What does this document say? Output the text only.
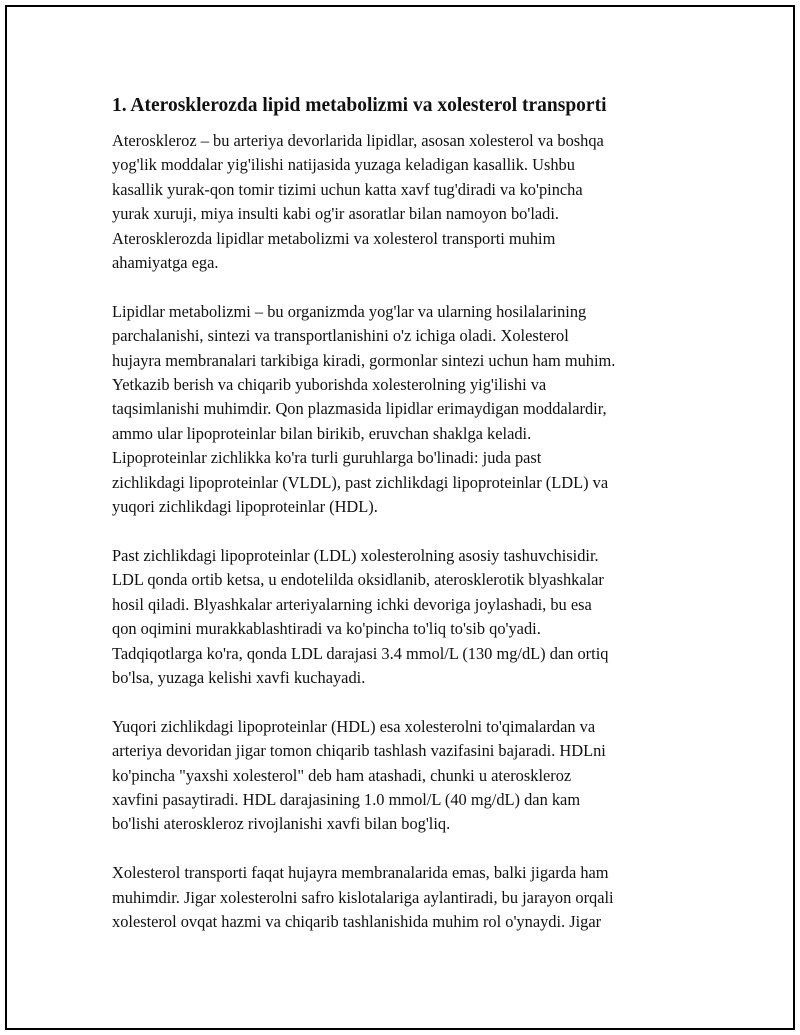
1. Aterosklerozda lipid metabolizmi va xolesterol transporti

Ateroskleroz – bu arteriya devorlarida lipidlar, asosan xolesterol va boshqa
yog'lik moddalar yig'ilishi natijasida yuzaga keladigan kasallik. Ushbu
kasallik yurak-qon tomir tizimi uchun katta xavf tug'diradi va ko'pincha
yurak xuruji, miya insulti kabi og'ir asoratlar bilan namoyon bo'ladi.
Aterosklerozda lipidlar metabolizmi va xolesterol transporti muhim
ahamiyatga ega.

Lipidlar metabolizmi – bu organizmda yog'lar va ularning hosilalarining
parchalanishi, sintezi va transportlanishini o'z ichiga oladi. Xolesterol
hujayra membranalari tarkibiga kiradi, gormonlar sintezi uchun ham muhim.
Yetkazib berish va chiqarib yuborishda xolesterolning yig'ilishi va
taqsimlanishi muhimdir. Qon plazmasida lipidlar erimaydigan moddalardir,
ammo ular lipoproteinlar bilan birikib, eruvchan shaklga keladi.
Lipoproteinlar zichlikka ko'ra turli guruhlarga bo'linadi: juda past
zichlikdagi lipoproteinlar (VLDL), past zichlikdagi lipoproteinlar (LDL) va
yuqori zichlikdagi lipoproteinlar (HDL).

Past zichlikdagi lipoproteinlar (LDL) xolesterolning asosiy tashuvchisidir.
LDL qonda ortib ketsa, u endotelilda oksidlanib, aterosklerotik blyashkalar
hosil qiladi. Blyashkalar arteriyalarning ichki devoriga joylashadi, bu esa
qon oqimini murakkablashtiradi va ko'pincha to'liq to'sib qo'yadi.
Tadqiqotlarga ko'ra, qonda LDL darajasi 3.4 mmol/L (130 mg/dL) dan ortiq
bo'lsa, yuzaga kelishi xavfi kuchayadi.

Yuqori zichlikdagi lipoproteinlar (HDL) esa xolesterolni to'qimalardan va
arteriya devoridan jigar tomon chiqarib tashlash vazifasini bajaradi. HDLni
ko'pincha "yaxshi xolesterol" deb ham atashadi, chunki u ateroskleroz
xavfini pasaytiradi. HDL darajasining 1.0 mmol/L (40 mg/dL) dan kam
bo'lishi ateroskleroz rivojlanishi xavfi bilan bog'liq.

Xolesterol transporti faqat hujayra membranalarida emas, balki jigarda ham
muhimdir. Jigar xolesterolni safro kislotalariga aylantiradi, bu jarayon orqali
xolesterol ovqat hazmi va chiqarib tashlanishida muhim rol o'ynaydi. Jigar
